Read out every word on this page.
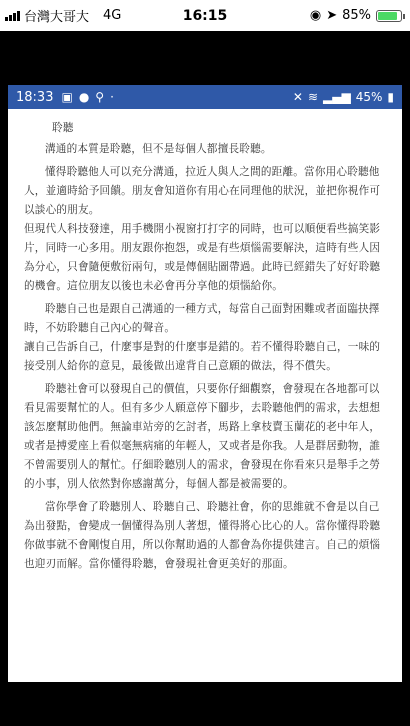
台灣大哥大 4G	16:15	◉ ➤ 85%
18:33 ▣ ● ⚲ ·	✕ ≋ ▂▄▆ 45% ▮

聆聽

溝通的本質是聆聽，但不是每個人都擅長聆聽。

懂得聆聽他人可以充分溝通，拉近人與人之間的距離。當你用心聆聽他人，並適時給予回饋。朋友會知道你有用心在同理他的狀況，並把你視作可以談心的朋友。

但現代人科技發達，用手機開小視窗打打字的同時，也可以順便看些搞笑影片，同時一心多用。朋友跟你抱怨，或是有些煩惱需要解決，這時有些人因為分心，只會隨便敷衍兩句，或是傳個貼圖帶過。此時已經錯失了好好聆聽的機會。這位朋友以後也未必會再分享他的煩惱給你。

聆聽自己也是跟自己溝通的一種方式，每當自己面對困難或者面臨抉擇時，不妨聆聽自己內心的聲音。

讓自己告訴自己，什麼事是對的什麼事是錯的。若不懂得聆聽自己，一味的接受別人給你的意見，最後做出違背自己意願的做法，得不償失。

聆聽社會可以發現自己的價值，只要你仔細觀察，會發現在各地都可以看見需要幫忙的人。但有多少人願意停下腳步，去聆聽他們的需求，去想想該怎麼幫助他們。無論車站旁的乞討者，馬路上拿枝賣玉蘭花的老中年人，或者是搏愛座上看似毫無病痛的年輕人，又或者是你我。人是群居動物，誰不曾需要別人的幫忙。仔細聆聽別人的需求，會發現在你看來只是舉手之勞的小事，別人依然對你感謝萬分，每個人都是被需要的。

當你學會了聆聽別人、聆聽自己、聆聽社會，你的思維就不會是以自己為出發點，會變成一個懂得為別人著想，懂得將心比心的人。當你懂得聆聽你做事就不會剛愎自用，所以你幫助過的人都會為你提供建言。自己的煩惱也迎刃而解。當你懂得聆聽，會發現社會更美好的那面。
